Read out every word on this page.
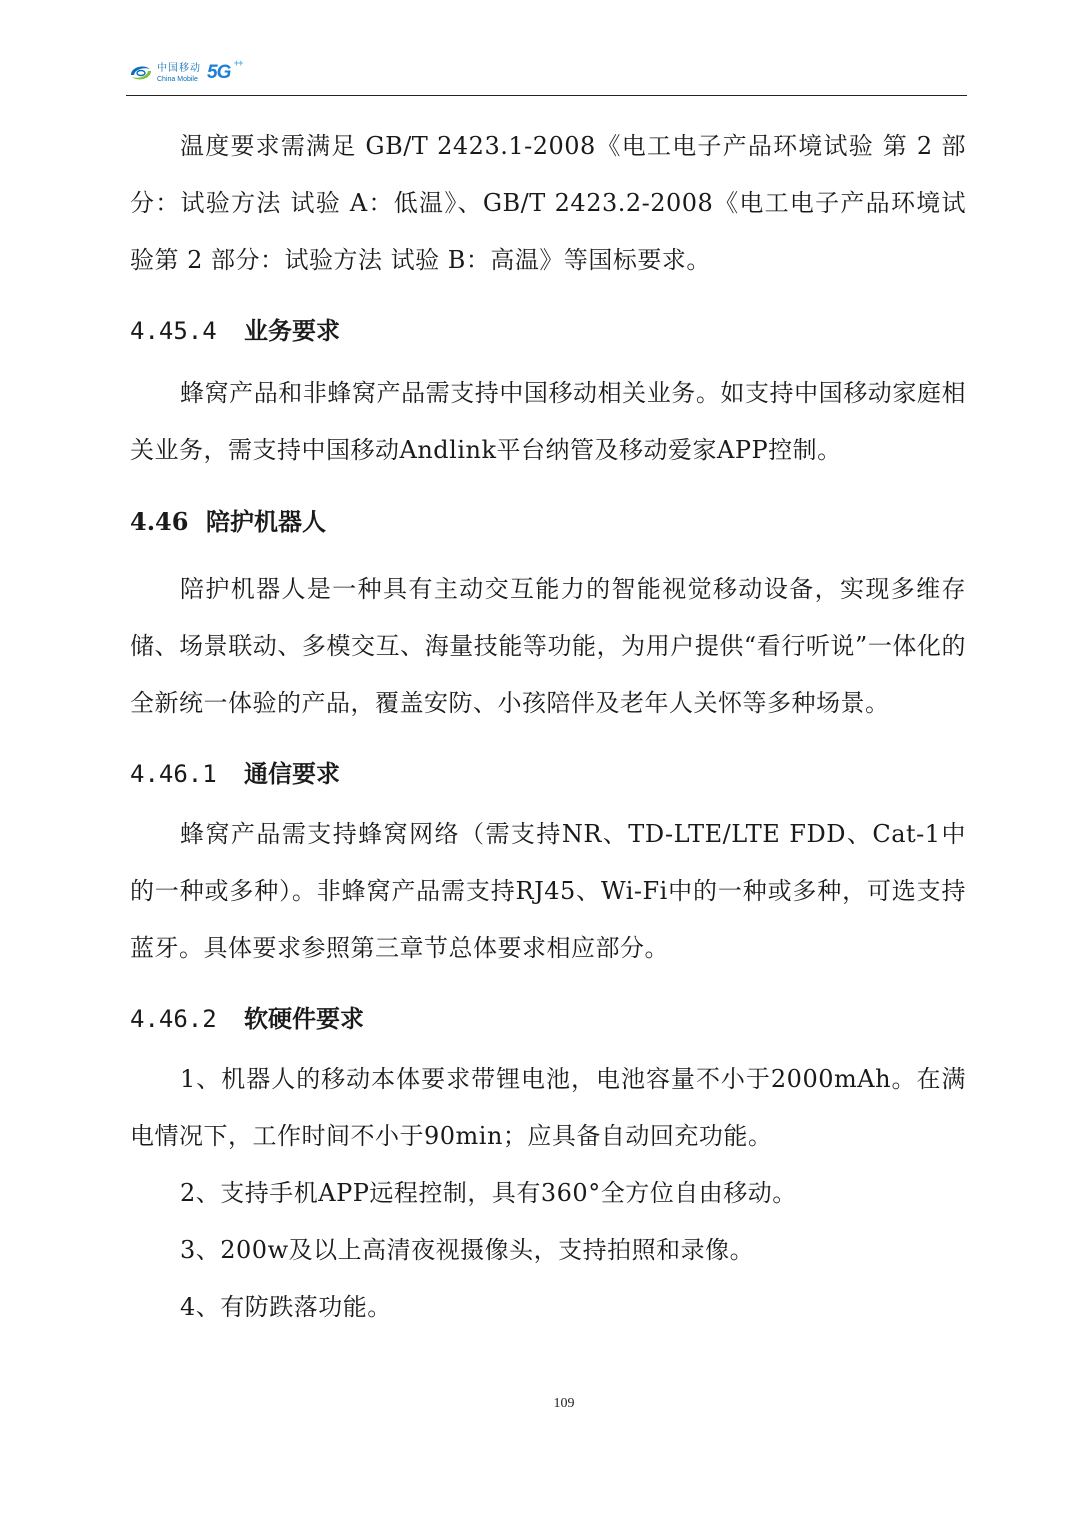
中国移动
China Mobile 5G ++

温度要求需满足 GB/T 2423.1-2008《电工电子产品环境试验 第 2 部分：试验方法 试验 A：低温》、GB/T 2423.2-2008《电工电子产品环境试验第 2 部分：试验方法 试验 B：高温》等国标要求。

4.45.4	业务要求

蜂窝产品和非蜂窝产品需支持中国移动相关业务。如支持中国移动家庭相关业务，需支持中国移动Andlink平台纳管及移动爱家APP控制。

4.46 陪护机器人

陪护机器人是一种具有主动交互能力的智能视觉移动设备，实现多维存储、场景联动、多模交互、海量技能等功能，为用户提供“看行听说”一体化的全新统一体验的产品，覆盖安防、小孩陪伴及老年人关怀等多种场景。

4.46.1	通信要求

蜂窝产品需支持蜂窝网络（需支持NR、TD-LTE/LTE FDD、Cat-1中的一种或多种）。非蜂窝产品需支持RJ45、Wi-Fi中的一种或多种，可选支持蓝牙。具体要求参照第三章节总体要求相应部分。

4.46.2	软硬件要求

1、机器人的移动本体要求带锂电池，电池容量不小于2000mAh。在满电情况下，工作时间不小于90min；应具备自动回充功能。

2、支持手机APP远程控制，具有360°全方位自由移动。

3、200w及以上高清夜视摄像头，支持拍照和录像。

4、有防跌落功能。

109
